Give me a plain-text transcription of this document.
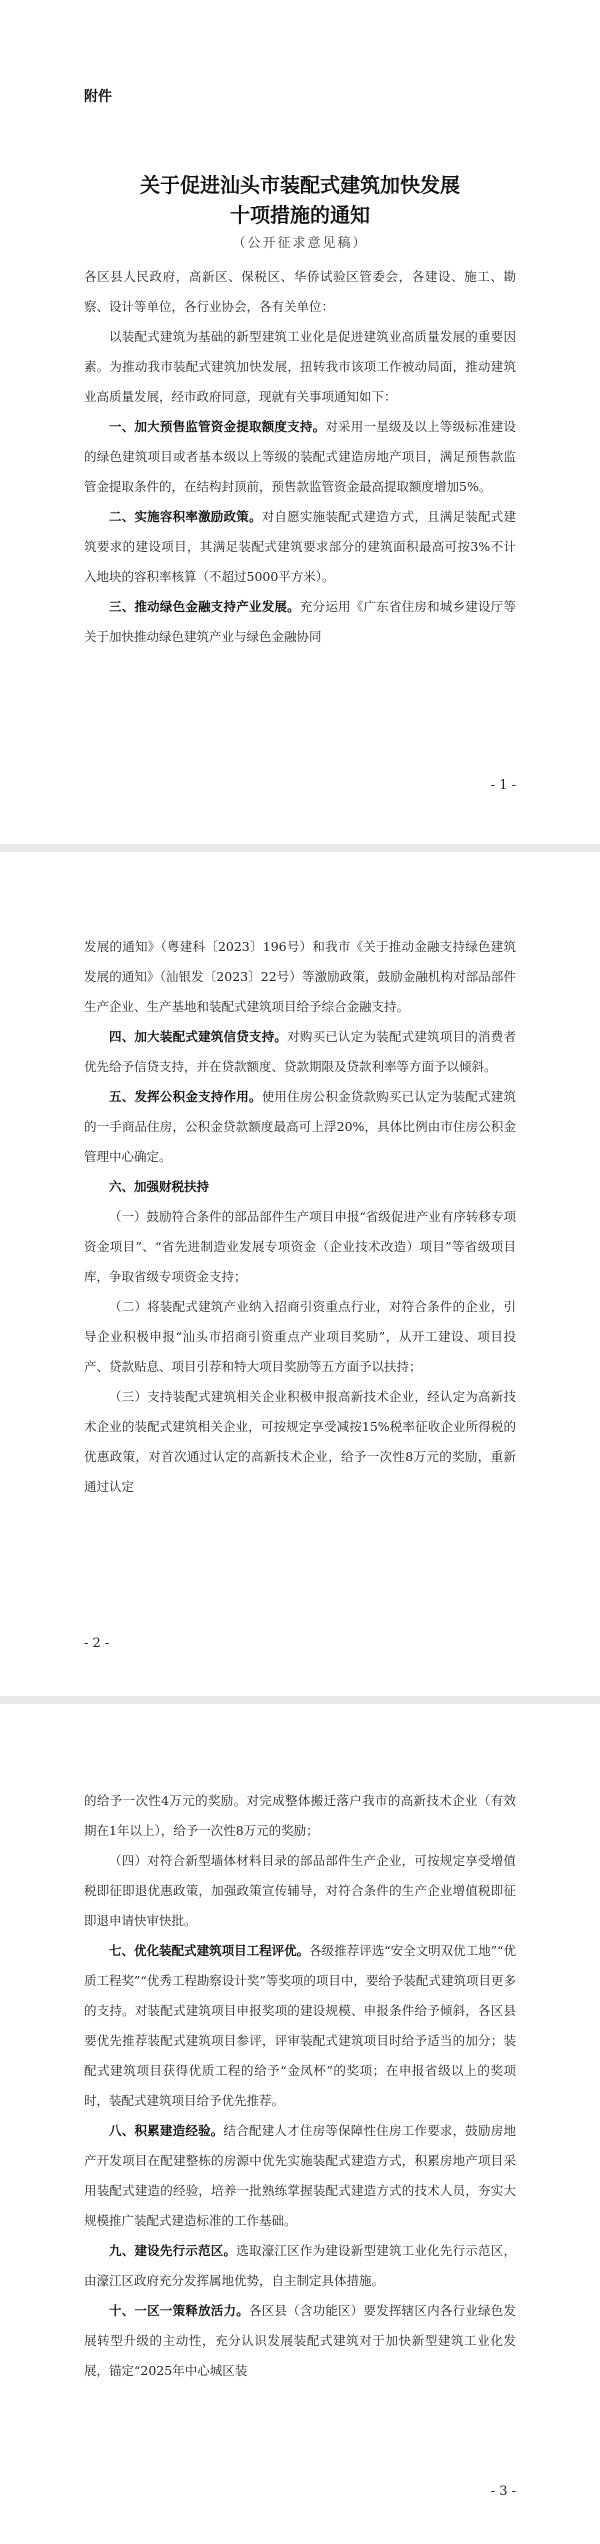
附件
关于促进汕头市装配式建筑加快发展
十项措施的通知
（公开征求意见稿）

各区县人民政府，高新区、保税区、华侨试验区管委会，各建设、施工、勘察、设计等单位，各行业协会，各有关单位：

以装配式建筑为基础的新型建筑工业化是促进建筑业高质量发展的重要因素。为推动我市装配式建筑加快发展，扭转我市该项工作被动局面，推动建筑业高质量发展，经市政府同意，现就有关事项通知如下：

一、加大预售监管资金提取额度支持。对采用一星级及以上等级标准建设的绿色建筑项目或者基本级以上等级的装配式建造房地产项目，满足预售款监管金提取条件的，在结构封顶前，预售款监管资金最高提取额度增加5%。

二、实施容积率激励政策。对自愿实施装配式建造方式，且满足装配式建筑要求的建设项目，其满足装配式建筑要求部分的建筑面积最高可按3%不计入地块的容积率核算（不超过5000平方米）。

三、推动绿色金融支持产业发展。充分运用《广东省住房和城乡建设厅等关于加快推动绿色建筑产业与绿色金融协同

- 1 -

发展的通知》（粤建科〔2023〕196号）和我市《关于推动金融支持绿色建筑发展的通知》（汕银发〔2023〕22号）等激励政策，鼓励金融机构对部品部件生产企业、生产基地和装配式建筑项目给予综合金融支持。

四、加大装配式建筑信贷支持。对购买已认定为装配式建筑项目的消费者优先给予信贷支持，并在贷款额度、贷款期限及贷款利率等方面予以倾斜。

五、发挥公积金支持作用。使用住房公积金贷款购买已认定为装配式建筑的一手商品住房，公积金贷款额度最高可上浮20%，具体比例由市住房公积金管理中心确定。

六、加强财税扶持

（一）鼓励符合条件的部品部件生产项目申报“省级促进产业有序转移专项资金项目”、“省先进制造业发展专项资金（企业技术改造）项目”等省级项目库，争取省级专项资金支持；

（二）将装配式建筑产业纳入招商引资重点行业，对符合条件的企业，引导企业积极申报“汕头市招商引资重点产业项目奖励”，从开工建设、项目投产、贷款贴息、项目引荐和特大项目奖励等五方面予以扶持；

（三）支持装配式建筑相关企业积极申报高新技术企业，经认定为高新技术企业的装配式建筑相关企业，可按规定享受减按15%税率征收企业所得税的优惠政策，对首次通过认定的高新技术企业，给予一次性8万元的奖励，重新通过认定

- 2 -

的给予一次性4万元的奖励。对完成整体搬迁落户我市的高新技术企业（有效期在1年以上），给予一次性8万元的奖励；

（四）对符合新型墙体材料目录的部品部件生产企业，可按规定享受增值税即征即退优惠政策，加强政策宣传辅导，对符合条件的生产企业增值税即征即退申请快审快批。

七、优化装配式建筑项目工程评优。各级推荐评选“安全文明双优工地”“优质工程奖”“优秀工程勘察设计奖”等奖项的项目中，要给予装配式建筑项目更多的支持。对装配式建筑项目申报奖项的建设规模、申报条件给予倾斜，各区县要优先推荐装配式建筑项目参评，评审装配式建筑项目时给予适当的加分；装配式建筑项目获得优质工程的给予“金凤杯”的奖项；在申报省级以上的奖项时，装配式建筑项目给予优先推荐。

八、积累建造经验。结合配建人才住房等保障性住房工作要求，鼓励房地产开发项目在配建整栋的房源中优先实施装配式建造方式，积累房地产项目采用装配式建造的经验，培养一批熟练掌握装配式建造方式的技术人员，夯实大规模推广装配式建造标准的工作基础。

九、建设先行示范区。选取濠江区作为建设新型建筑工业化先行示范区，由濠江区政府充分发挥属地优势，自主制定具体措施。

十、一区一策释放活力。各区县（含功能区）要发挥辖区内各行业绿色发展转型升级的主动性，充分认识发展装配式建筑对于加快新型建筑工业化发展，锚定“2025年中心城区装

- 3 -
